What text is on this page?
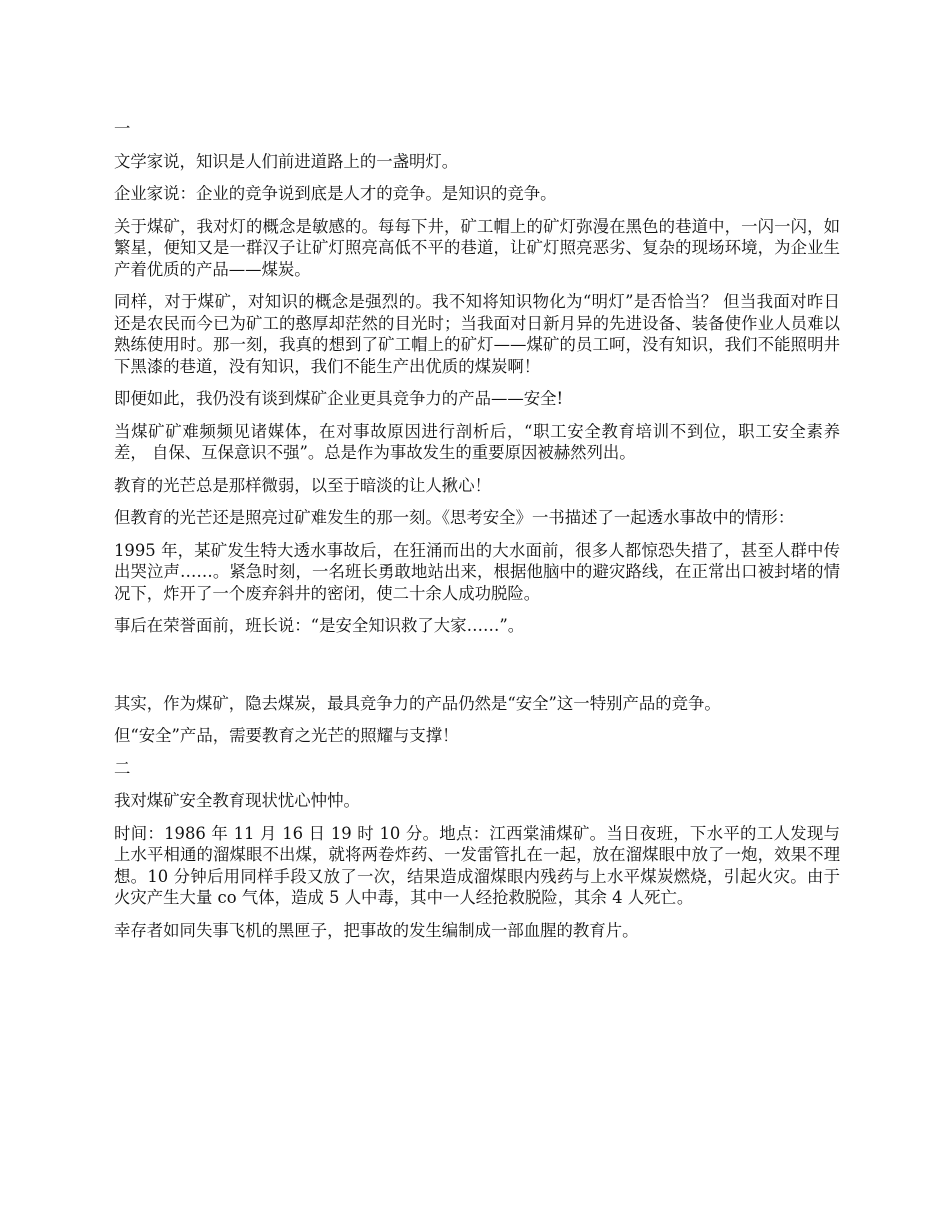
一

文学家说，知识是人们前进道路上的一盏明灯。

企业家说：企业的竞争说到底是人才的竞争。是知识的竞争。

关于煤矿，我对灯的概念是敏感的。每每下井，矿工帽上的矿灯弥漫在黑色的巷道中，一闪一闪，如繁星，便知又是一群汉子让矿灯照亮高低不平的巷道，让矿灯照亮恶劣、复杂的现场环境，为企业生产着优质的产品——煤炭。

同样，对于煤矿，对知识的概念是强烈的。我不知将知识物化为“明灯”是否恰当？ 但当我面对昨日还是农民而今已为矿工的憨厚却茫然的目光时；当我面对日新月异的先进设备、装备使作业人员难以熟练使用时。那一刻，我真的想到了矿工帽上的矿灯——煤矿的员工呵，没有知识，我们不能照明井下黑漆的巷道，没有知识，我们不能生产出优质的煤炭啊！

即便如此，我仍没有谈到煤矿企业更具竞争力的产品——安全!

当煤矿矿难频频见诸媒体，在对事故原因进行剖析后，“职工安全教育培训不到位，职工安全素养差， 自保、互保意识不强”。总是作为事故发生的重要原因被赫然列出。

教育的光芒总是那样微弱，以至于暗淡的让人揪心！

但教育的光芒还是照亮过矿难发生的那一刻。《思考安全》一书描述了一起透水事故中的情形：

1995 年，某矿发生特大透水事故后，在狂涌而出的大水面前，很多人都惊恐失措了，甚至人群中传出哭泣声……。紧急时刻，一名班长勇敢地站出来，根据他脑中的避灾路线，在正常出口被封堵的情况下，炸开了一个废弃斜井的密闭，使二十余人成功脱险。

事后在荣誉面前，班长说：“是安全知识救了大家……”。

其实，作为煤矿，隐去煤炭，最具竞争力的产品仍然是“安全”这一特别产品的竞争。

但“安全”产品，需要教育之光芒的照耀与支撑！

二

我对煤矿安全教育现状忧心忡忡。

时间：1986 年 11 月 16 日 19 时 10 分。地点：江西棠浦煤矿。当日夜班，下水平的工人发现与上水平相通的溜煤眼不出煤，就将两卷炸药、一发雷管扎在一起，放在溜煤眼中放了一炮，效果不理想。10 分钟后用同样手段又放了一次，结果造成溜煤眼内残药与上水平煤炭燃烧，引起火灾。由于火灾产生大量 co 气体，造成 5 人中毒，其中一人经抢救脱险，其余 4 人死亡。

幸存者如同失事飞机的黑匣子，把事故的发生编制成一部血腥的教育片。
